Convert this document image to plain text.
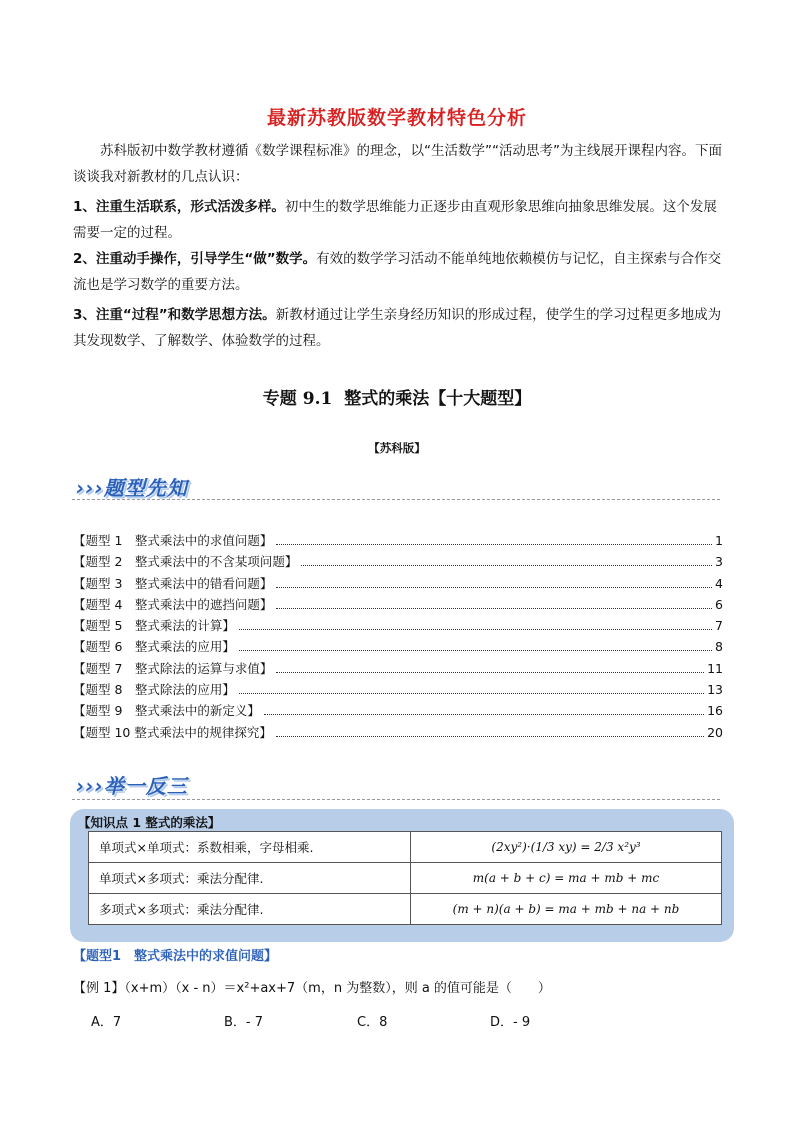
最新苏教版数学教材特色分析
苏科版初中数学教材遵循《数学课程标准》的理念，以“生活数学”“活动思考”为主线展开课程内容。下面谈谈我对新教材的几点认识：
1、注重生活联系，形式活泼多样。初中生的数学思维能力正逐步由直观形象思维向抽象思维发展。这个发展需要一定的过程。
2、注重动手操作，引导学生“做”数学。有效的数学学习活动不能单纯地依赖模仿与记忆，自主探索与合作交流也是学习数学的重要方法。
3、注重“过程”和数学思想方法。新教材通过让学生亲身经历知识的形成过程，使学生的学习过程更多地成为其发现数学、了解数学、体验数学的过程。
专题 9.1 整式的乘法【十大题型】
【苏科版】
›››题型先知
【题型 1　整式乘法中的求值问题】	1
【题型 2　整式乘法中的不含某项问题】	3
【题型 3　整式乘法中的错看问题】	4
【题型 4　整式乘法中的遮挡问题】	6
【题型 5　整式乘法的计算】	7
【题型 6　整式乘法的应用】	8
【题型 7　整式除法的运算与求值】	11
【题型 8　整式除法的应用】	13
【题型 9　整式乘法中的新定义】	16
【题型 10 整式乘法中的规律探究】	20
›››举一反三
【知识点 1 整式的乘法】
单项式×单项式：系数相乘，字母相乘.	(2xy²)·(1/3 xy) = 2/3 x²y³
单项式×多项式：乘法分配律.	m(a + b + c) = ma + mb + mc
多项式×多项式：乘法分配律.	(m + n)(a + b) = ma + mb + na + nb
【题型1　整式乘法中的求值问题】
【例 1】（x+m）（x - n）＝x²+ax+7（m，n 为整数），则 a 的值可能是（　　）
A．7	B．- 7	C．8	D．- 9
